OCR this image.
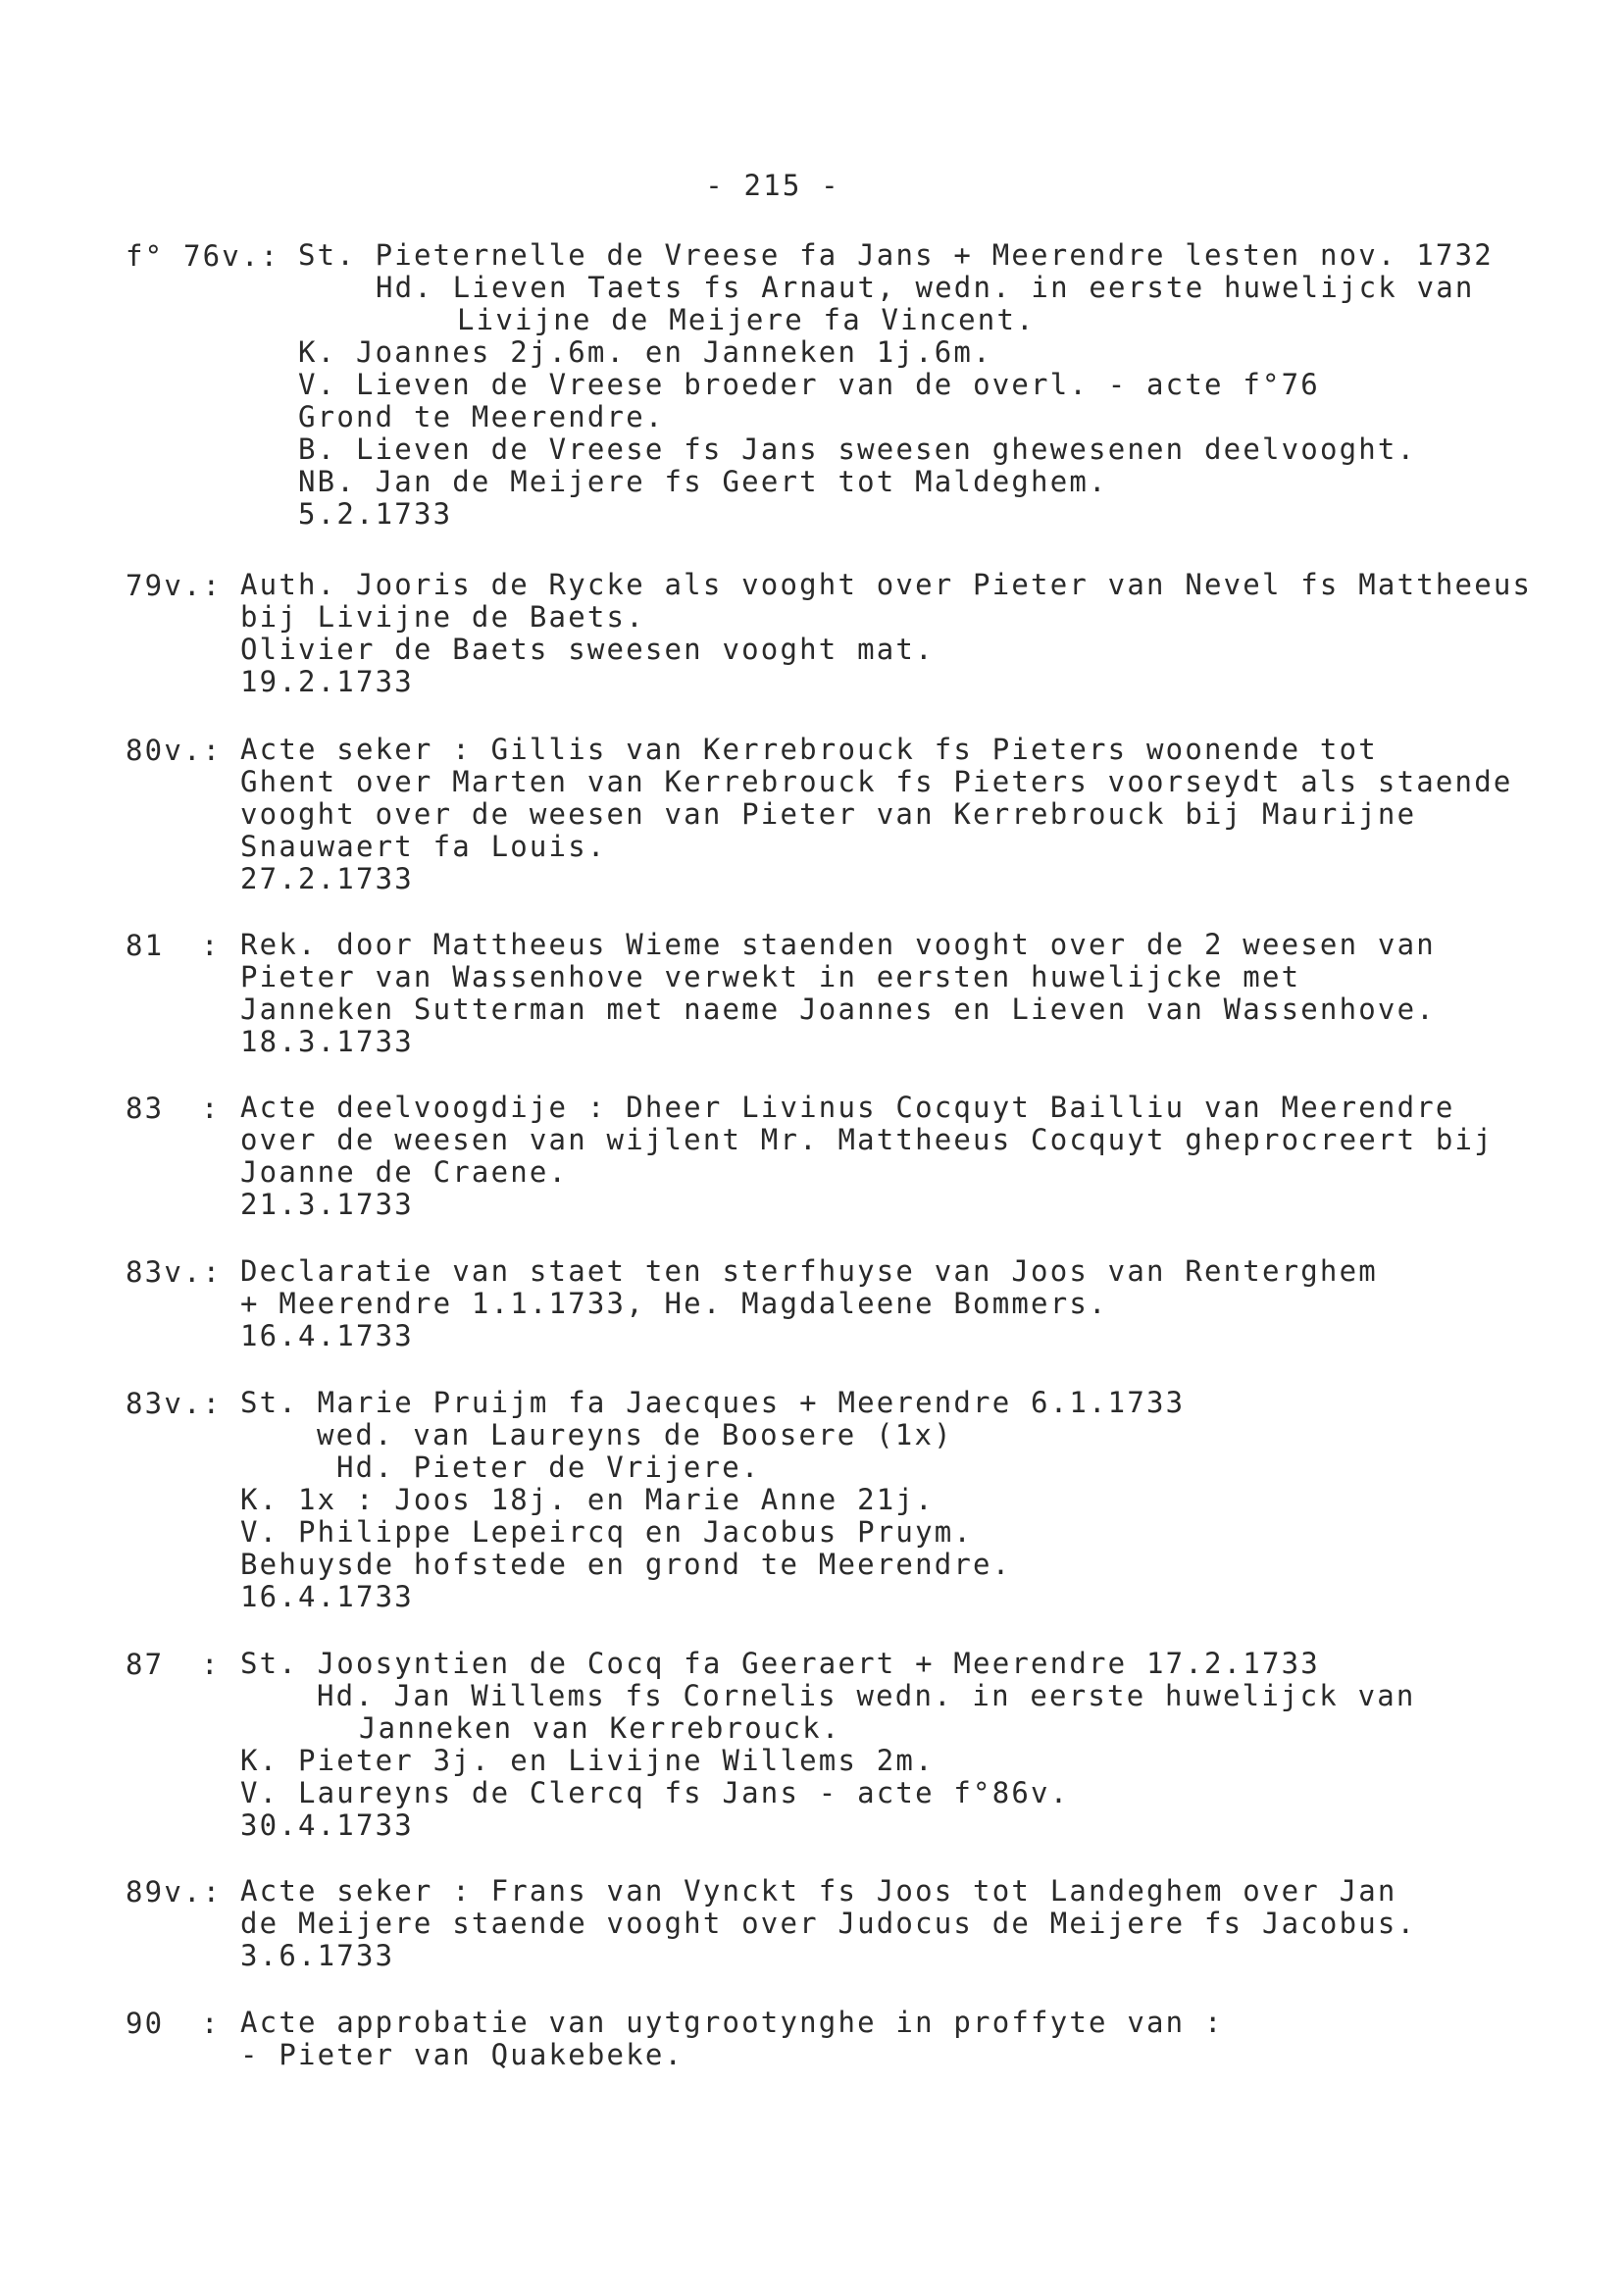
- 215 -
f° 76v.: St. Pieternelle de Vreese fa Jans + Meerendre lesten nov. 1732
Hd. Lieven Taets fs Arnaut, wedn. in eerste huwelijck van
Livijne de Meijere fa Vincent.
K. Joannes 2j.6m. en Janneken 1j.6m.
V. Lieven de Vreese broeder van de overl. - acte f°76
Grond te Meerendre.
B. Lieven de Vreese fs Jans sweesen ghewesenen deelvooght.
NB. Jan de Meijere fs Geert tot Maldeghem.
5.2.1733
79v.: Auth. Jooris de Rycke als vooght over Pieter van Nevel fs Mattheeus
bij Livijne de Baets.
Olivier de Baets sweesen vooght mat.
19.2.1733
80v.: Acte seker : Gillis van Kerrebrouck fs Pieters woonende tot
Ghent over Marten van Kerrebrouck fs Pieters voorseydt als staende
vooght over de weesen van Pieter van Kerrebrouck bij Maurijne
Snauwaert fa Louis.
27.2.1733
81 : Rek. door Mattheeus Wieme staenden vooght over de 2 weesen van
Pieter van Wassenhove verwekt in eersten huwelijcke met
Janneken Sutterman met naeme Joannes en Lieven van Wassenhove.
18.3.1733
83 : Acte deelvoogdije : Dheer Livinus Cocquyt Bailliu van Meerendre
over de weesen van wijlent Mr. Mattheeus Cocquyt gheprocreert bij
Joanne de Craene.
21.3.1733
83v.: Declaratie van staet ten sterfhuyse van Joos van Renterghem
+ Meerendre 1.1.1733, He. Magdaleene Bommers.
16.4.1733
83v.: St. Marie Pruijm fa Jaecques + Meerendre 6.1.1733
wed. van Laureyns de Boosere (1x)
Hd. Pieter de Vrijere.
K. 1x : Joos 18j. en Marie Anne 21j.
V. Philippe Lepeircq en Jacobus Pruym.
Behuysde hofstede en grond te Meerendre.
16.4.1733
87 : St. Joosyntien de Cocq fa Geeraert + Meerendre 17.2.1733
Hd. Jan Willems fs Cornelis wedn. in eerste huwelijck van
Janneken van Kerrebrouck.
K. Pieter 3j. en Livijne Willems 2m.
V. Laureyns de Clercq fs Jans - acte f°86v.
30.4.1733
89v.: Acte seker : Frans van Vynckt fs Joos tot Landeghem over Jan
de Meijere staende vooght over Judocus de Meijere fs Jacobus.
3.6.1733
90 : Acte approbatie van uytgrootynghe in proffyte van :
- Pieter van Quakebeke.
